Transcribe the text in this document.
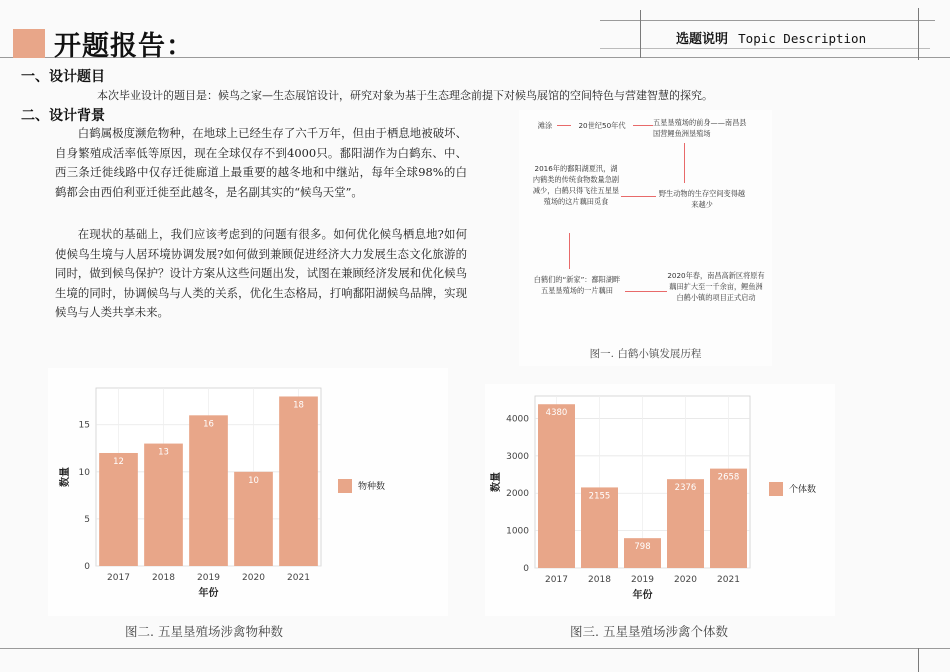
开题报告：	选题说明 Topic Description
一、设计题目
本次毕业设计的题目是：候鸟之家—生态展馆设计，研究对象为基于生态理念前提下对候鸟展馆的空间特色与营建智慧的探究。
二、设计背景
白鹤属极度濒危物种，在地球上已经生存了六千万年，但由于栖息地被破坏、自身繁殖成活率低等原因，现在全球仅存不到4000只。鄱阳湖作为白鹤东、中、西三条迁徙线路中仅存迁徙廊道上最重要的越冬地和中继站，每年全球98%的白鹤都会由西伯利亚迁徙至此越冬，是名副其实的“候鸟天堂”。
在现状的基础上，我们应该考虑到的问题有很多。如何优化候鸟栖息地?如何使候鸟生境与人居环境协调发展?如何做到兼顾促进经济大力发展生态文化旅游的同时，做到候鸟保护？设计方案从这些问题出发，试图在兼顾经济发展和优化候鸟生境的同时，协调候鸟与人类的关系，优化生态格局，打响鄱阳湖候鸟品牌，实现候鸟与人类共享未来。
滩涂	20世纪50年代	五星垦殖场的前身——南昌县国营鲤鱼洲垦殖场
2016年的鄱阳湖夏汛，湖内鹤类的传统食物数量急剧减少，白鹤只得飞往五星垦殖场的这片藕田觅食
野生动物的生存空间变得越来越少
白鹤们的“新家”：鄱阳湖畔五星垦殖场的一片藕田
2020年春，南昌高新区将原有藕田扩大至一千余亩，鲤鱼洲白鹤小镇的项目正式启动
图一. 白鹤小镇发展历程
0
5
10
15
12
2017
13
2018
16
2019
10
2020
18
2021
年份
数量	物种数
图二. 五星垦殖场涉禽物种数
0
1000
2000
3000
4000
4380
2017
2155
2018
798
2019
2376
2020
2658
2021
年份
数量	个体数
图三. 五星垦殖场涉禽个体数
